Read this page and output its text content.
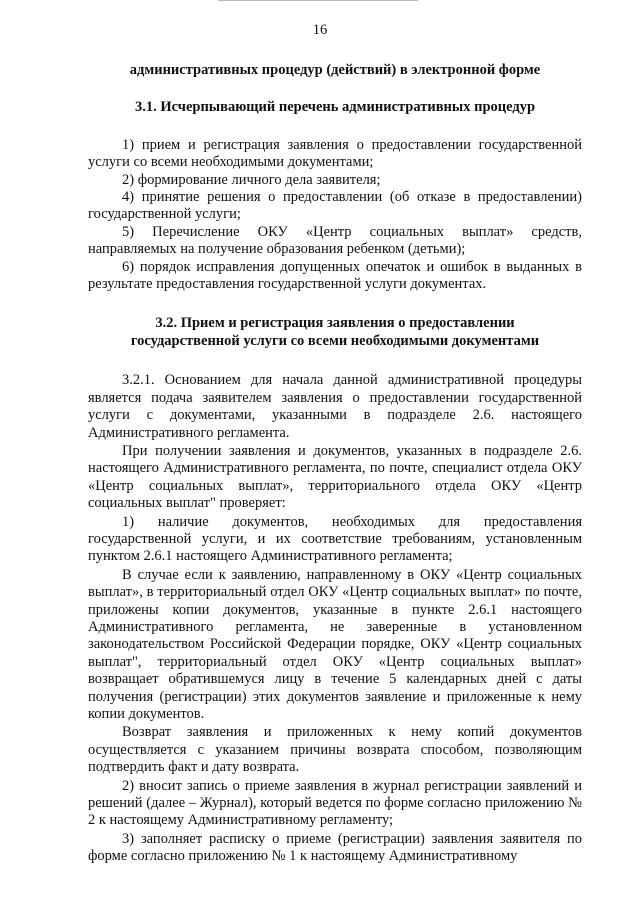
16

административных процедур (действий) в электронной форме

3.1. Исчерпывающий перечень административных процедур

1) прием и регистрация заявления о предоставлении государственной услуги со всеми необходимыми документами;

2) формирование личного дела заявителя;

4) принятие решения о предоставлении (об отказе в предоставлении) государственной услуги;

5) Перечисление ОКУ «Центр социальных выплат» средств, направляемых на получение образования ребенком (детьми);

6) порядок исправления допущенных опечаток и ошибок в выданных в результате предоставления государственной услуги документах.

3.2. Прием и регистрация заявления о предоставлении

государственной услуги со всеми необходимыми документами

3.2.1. Основанием для начала данной административной процедуры является подача заявителем заявления о предоставлении государственной услуги с документами, указанными в подразделе 2.6. настоящего Административного регламента.

При получении заявления и документов, указанных в подразделе 2.6. настоящего Административного регламента, по почте, специалист отдела ОКУ «Центр социальных выплат», территориального отдела ОКУ «Центр социальных выплат" проверяет:

1) наличие документов, необходимых для предоставления государственной услуги, и их соответствие требованиям, установленным пунктом 2.6.1 настоящего Административного регламента;

В случае если к заявлению, направленному в ОКУ «Центр социальных выплат», в территориальный отдел ОКУ «Центр социальных выплат» по почте, приложены копии документов, указанные в пункте 2.6.1 настоящего Административного регламента, не заверенные в установленном законодательством Российской Федерации порядке, ОКУ «Центр социальных выплат", территориальный отдел ОКУ «Центр социальных выплат» возвращает обратившемуся лицу в течение 5 календарных дней с даты получения (регистрации) этих документов заявление и приложенные к нему копии документов.

Возврат заявления и приложенных к нему копий документов осуществляется с указанием причины возврата способом, позволяющим подтвердить факт и дату возврата.

2) вносит запись о приеме заявления в журнал регистрации заявлений и решений (далее – Журнал), который ведется по форме согласно приложению № 2 к настоящему Административному регламенту;

3) заполняет расписку о приеме (регистрации) заявления заявителя по форме согласно приложению № 1 к настоящему Административному
